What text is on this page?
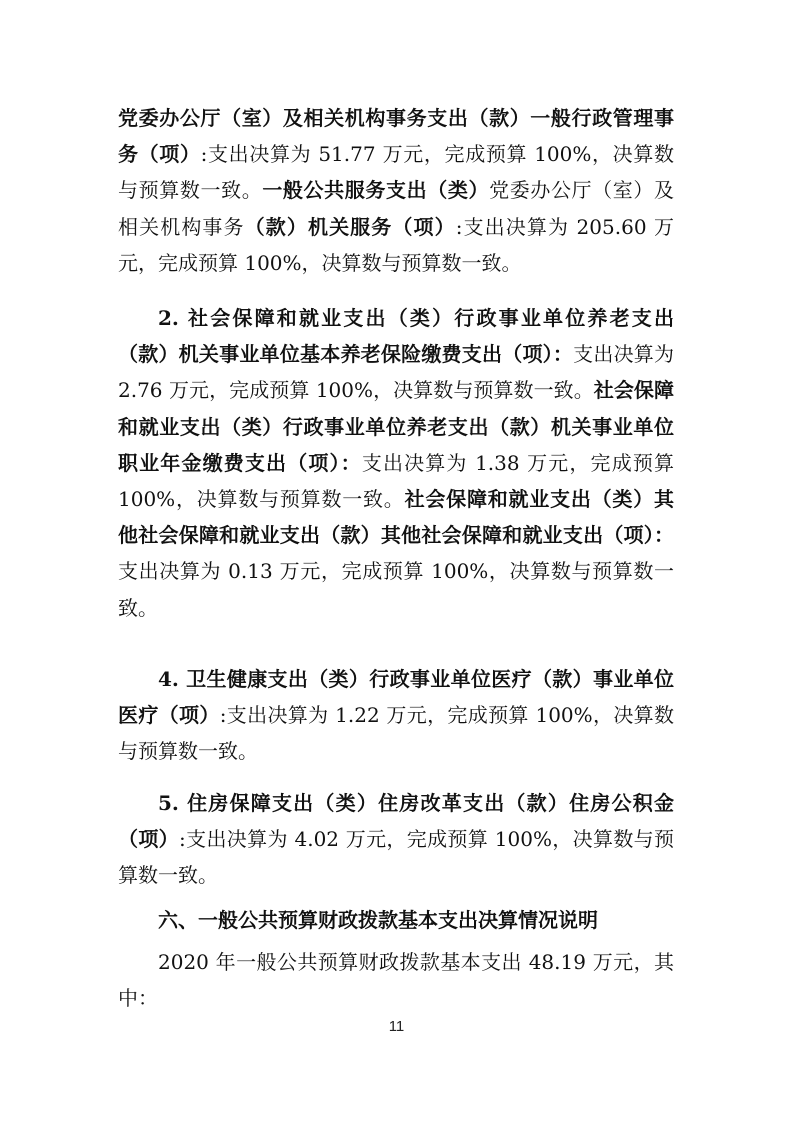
党委办公厅（室）及相关机构事务支出（款）一般行政管理事务（项）:支出决算为 51.77 万元，完成预算 100%，决算数与预算数一致。一般公共服务支出（类）党委办公厅（室）及相关机构事务（款）机关服务（项）:支出决算为 205.60 万元，完成预算 100%，决算数与预算数一致。

2. 社会保障和就业支出（类）行政事业单位养老支出（款）机关事业单位基本养老保险缴费支出（项）：支出决算为 2.76 万元，完成预算 100%，决算数与预算数一致。社会保障和就业支出（类）行政事业单位养老支出（款）机关事业单位职业年金缴费支出（项）：支出决算为 1.38 万元，完成预算 100%，决算数与预算数一致。社会保障和就业支出（类）其他社会保障和就业支出（款）其他社会保障和就业支出（项）：支出决算为 0.13 万元，完成预算 100%，决算数与预算数一致。

4. 卫生健康支出（类）行政事业单位医疗（款）事业单位医疗（项）:支出决算为 1.22 万元，完成预算 100%，决算数与预算数一致。

5. 住房保障支出（类）住房改革支出（款）住房公积金（项）:支出决算为 4.02 万元，完成预算 100%，决算数与预算数一致。

六、一般公共预算财政拨款基本支出决算情况说明

2020 年一般公共预算财政拨款基本支出 48.19 万元，其中：

11
